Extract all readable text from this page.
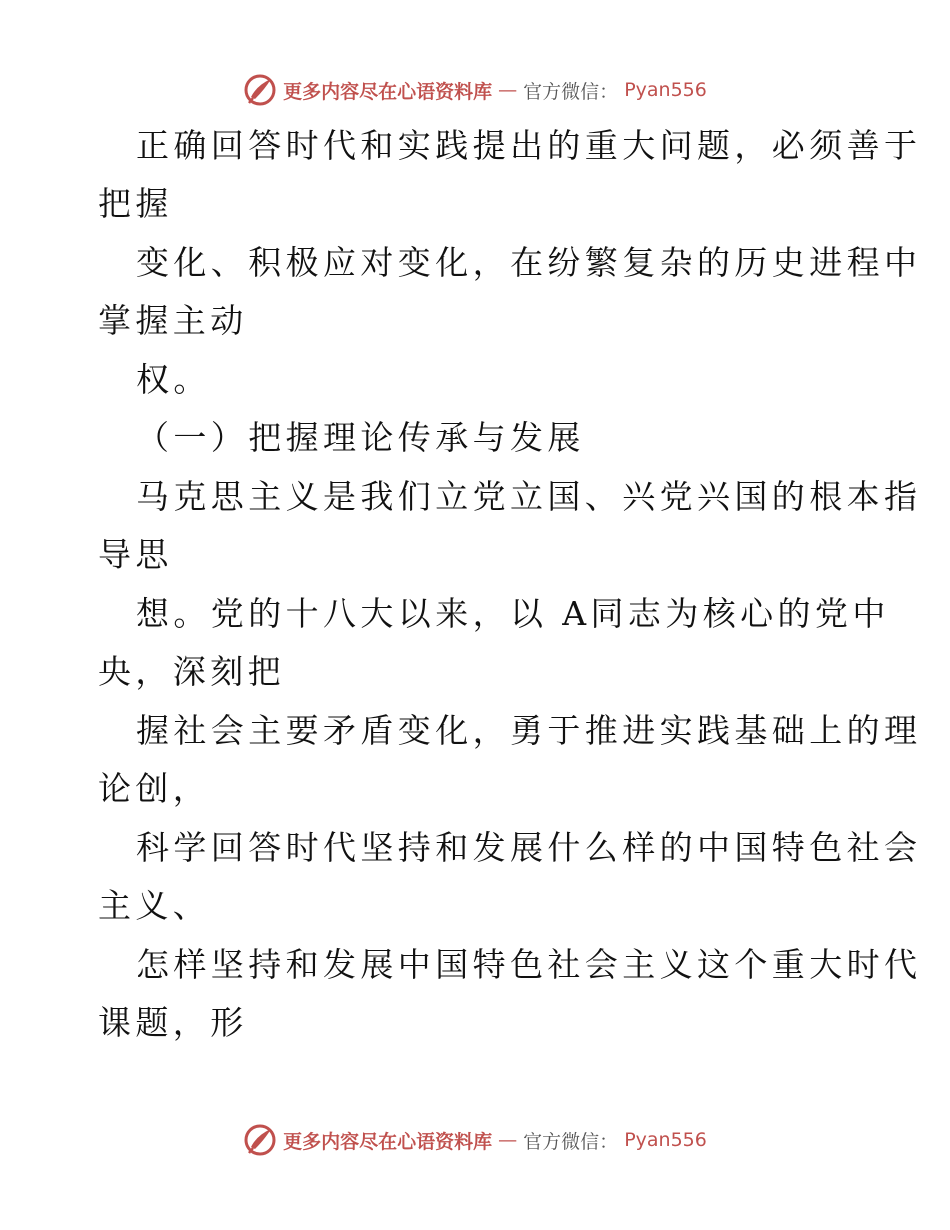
更多内容尽在心语资料库 — 官方微信： Pyan556
正确回答时代和实践提出的重大问题，必须善于
把握
变化、积极应对变化，在纷繁复杂的历史进程中
掌握主动
权。
（一）把握理论传承与发展
马克思主义是我们立党立国、兴党兴国的根本指
导思
想。党的十八大以来，以 A同志为核心的党中
央，深刻把
握社会主要矛盾变化，勇于推进实践基础上的理
论创，
科学回答时代坚持和发展什么样的中国特色社会
主义、
怎样坚持和发展中国特色社会主义这个重大时代
课题，形
更多内容尽在心语资料库 — 官方微信： Pyan556
